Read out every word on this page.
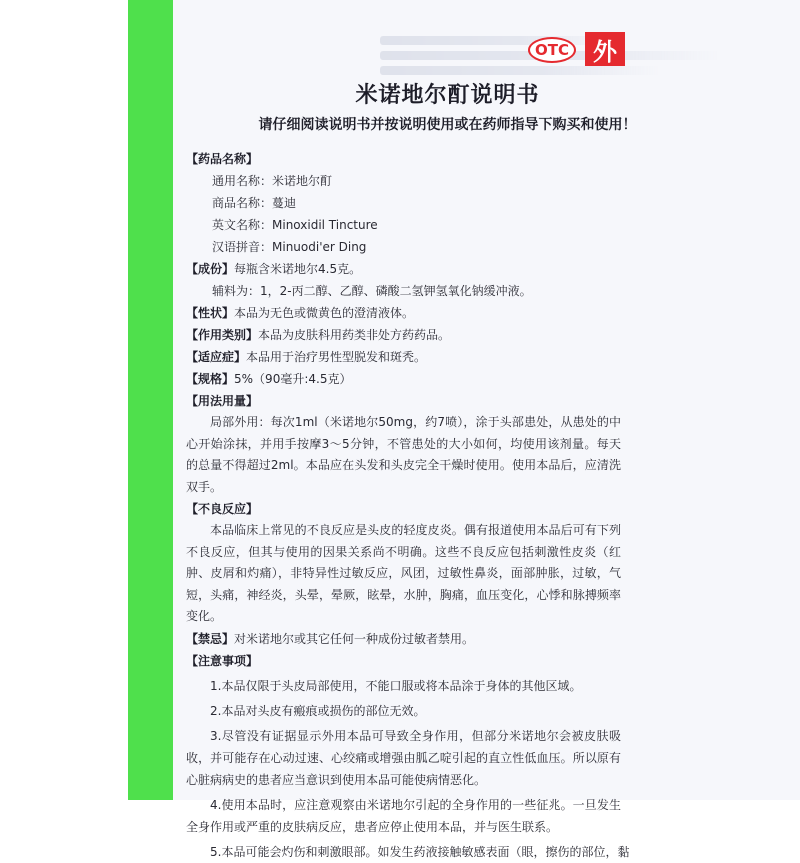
OTC	外
米诺地尔酊说明书
请仔细阅读说明书并按说明使用或在药师指导下购买和使用！
【药品名称】
通用名称：米诺地尔酊
商品名称：蔓迪
英文名称：Minoxidil Tincture
汉语拼音：Minuodi'er Ding
【成份】每瓶含米诺地尔4.5克。
辅料为：1，2-丙二醇、乙醇、磷酸二氢钾氢氧化钠缓冲液。
【性状】本品为无色或微黄色的澄清液体。
【作用类别】本品为皮肤科用药类非处方药药品。
【适应症】本品用于治疗男性型脱发和斑秃。
【规格】5%（90毫升:4.5克）
【用法用量】
局部外用：每次1ml（米诺地尔50mg，约7喷），涂于头部患处，从患处的中心开始涂抹，并用手按摩3～5分钟，不管患处的大小如何，均使用该剂量。每天的总量不得超过2ml。本品应在头发和头皮完全干燥时使用。使用本品后，应清洗双手。
【不良反应】
本品临床上常见的不良反应是头皮的轻度皮炎。偶有报道使用本品后可有下列不良反应，但其与使用的因果关系尚不明确。这些不良反应包括刺激性皮炎（红肿、皮屑和灼痛），非特异性过敏反应，风团，过敏性鼻炎，面部肿胀，过敏，气短，头痛，神经炎，头晕，晕厥，眩晕，水肿，胸痛，血压变化，心悸和脉搏频率变化。
【禁忌】对米诺地尔或其它任何一种成份过敏者禁用。
【注意事项】
1.本品仅限于头皮局部使用，不能口服或将本品涂于身体的其他区域。
2.本品对头皮有瘢痕或损伤的部位无效。
3.尽管没有证据显示外用本品可导致全身作用，但部分米诺地尔会被皮肤吸收，并可能存在心动过速、心绞痛或增强由胍乙啶引起的直立性低血压。所以原有心脏病病史的患者应当意识到使用本品可能使病情恶化。
4.使用本品时，应注意观察由米诺地尔引起的全身作用的一些征兆。一旦发生全身作用或严重的皮肤病反应，患者应停止使用本品，并与医生联系。
5.本品可能会灼伤和刺激眼部。如发生药液接触敏感表面（眼，擦伤的部位，黏
